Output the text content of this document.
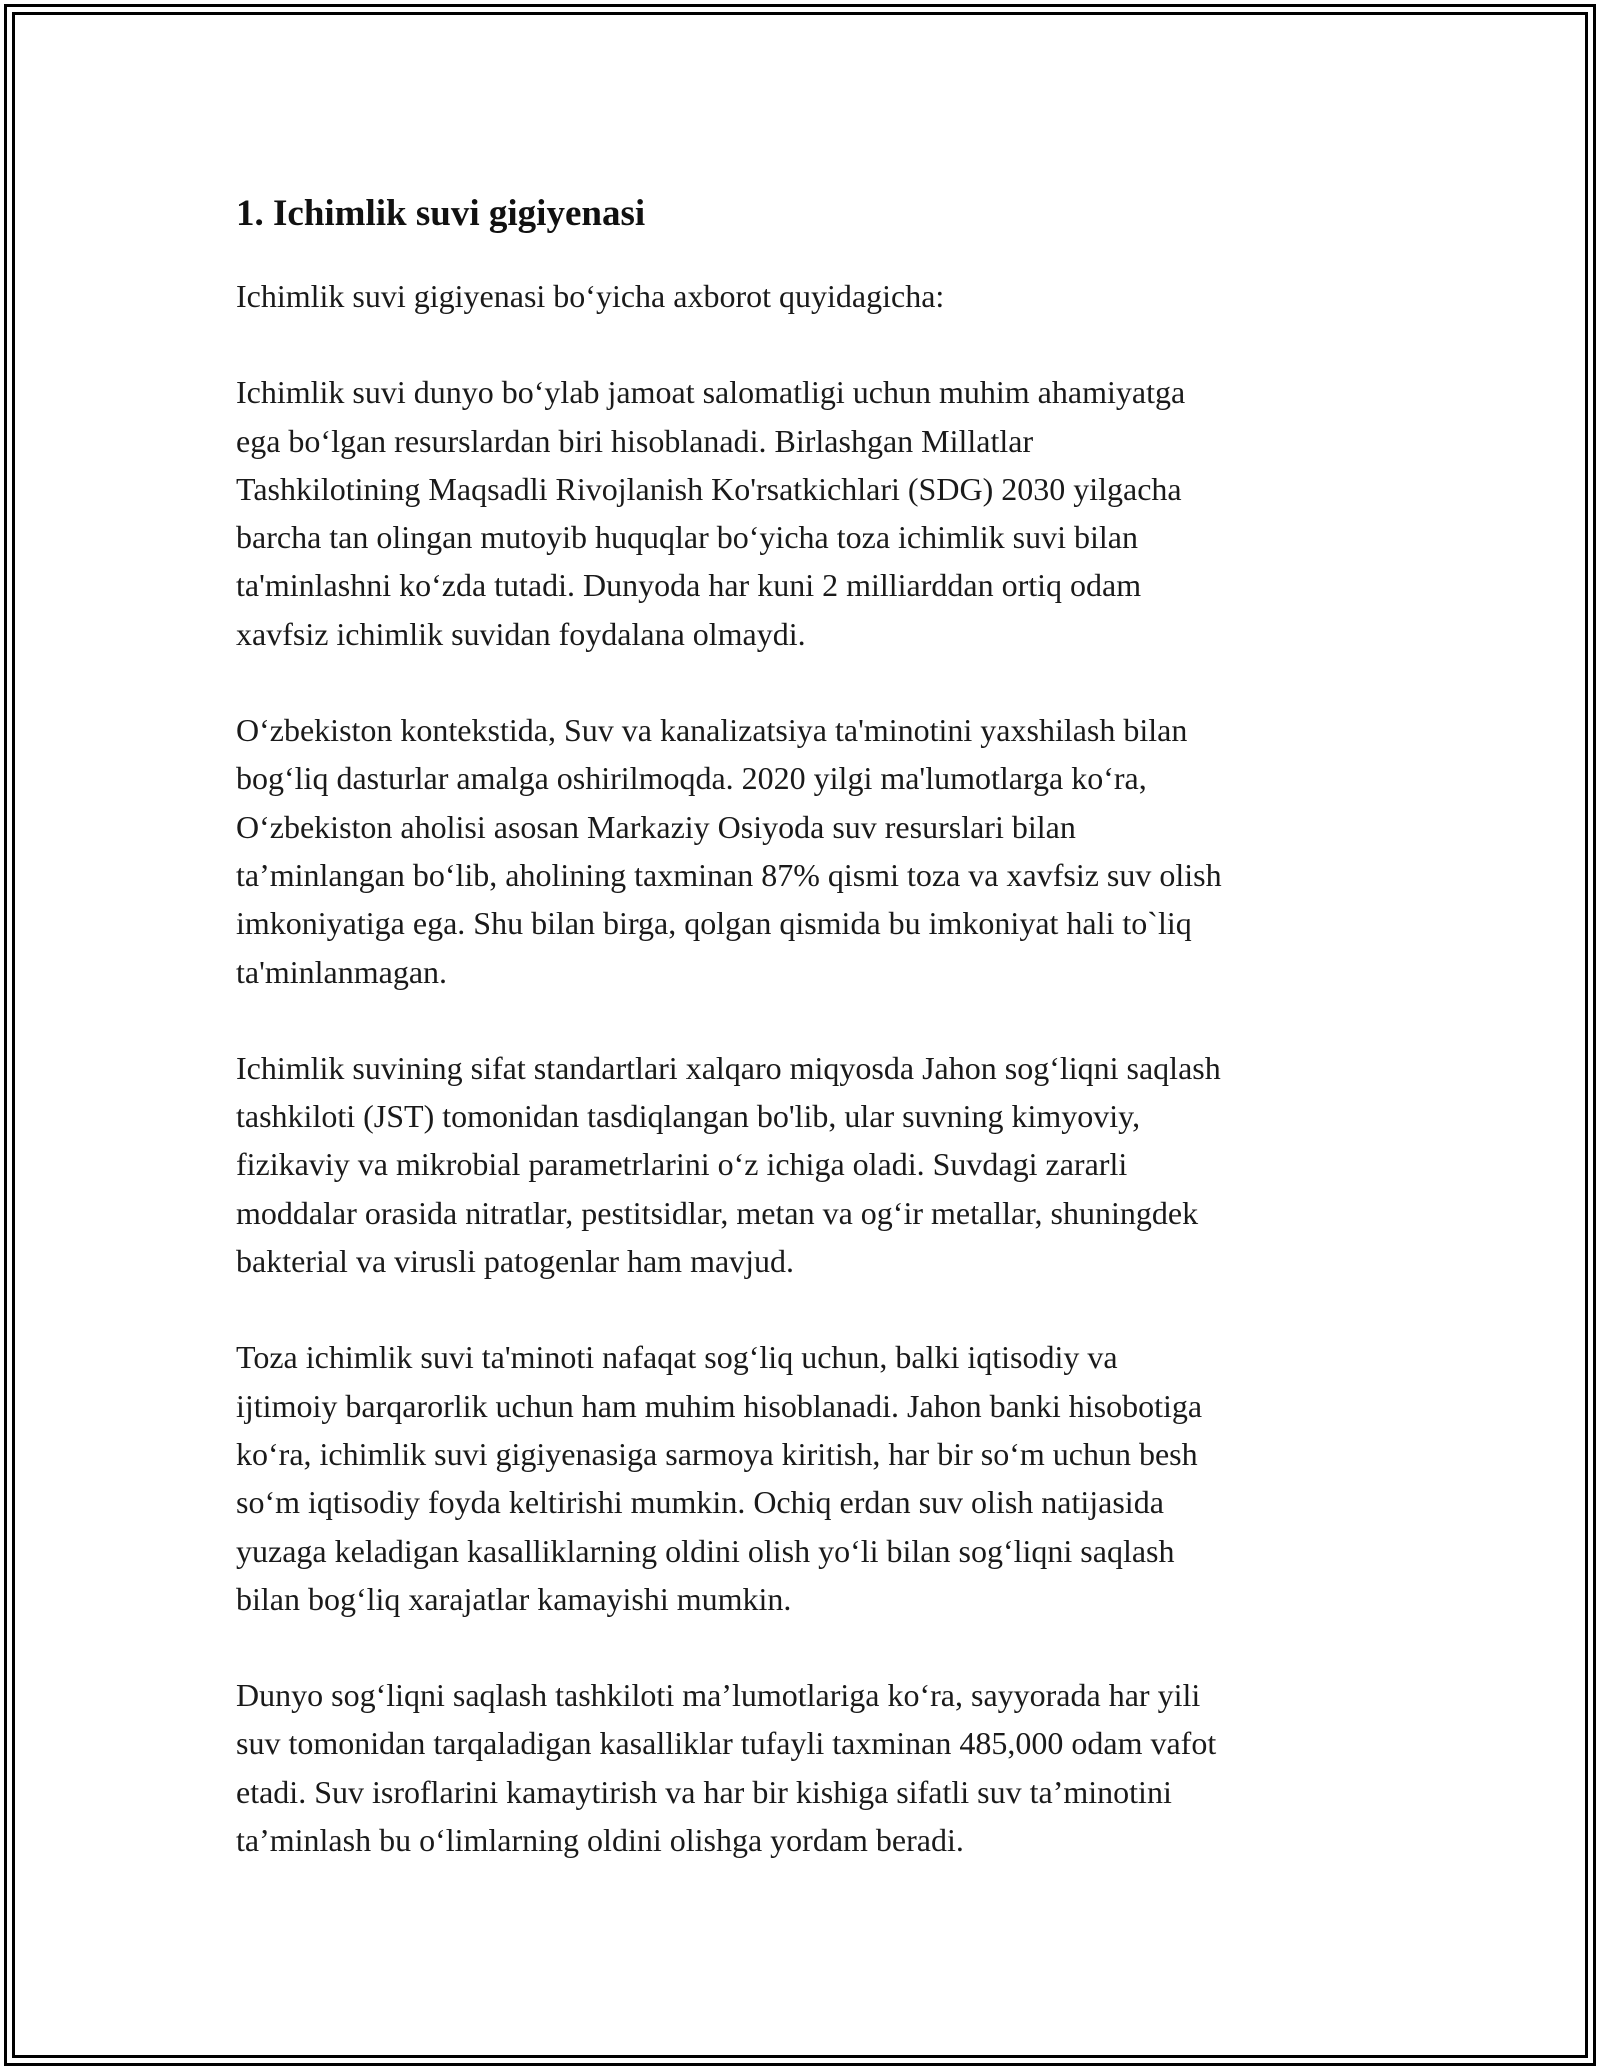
1. Ichimlik suvi gigiyenasi

Ichimlik suvi gigiyenasi bo‘yicha axborot quyidagicha:

Ichimlik suvi dunyo bo‘ylab jamoat salomatligi uchun muhim ahamiyatga
ega bo‘lgan resurslardan biri hisoblanadi. Birlashgan Millatlar
Tashkilotining Maqsadli Rivojlanish Ko'rsatkichlari (SDG) 2030 yilgacha
barcha tan olingan mutoyib huquqlar bo‘yicha toza ichimlik suvi bilan
ta'minlashni ko‘zda tutadi. Dunyoda har kuni 2 milliarddan ortiq odam
xavfsiz ichimlik suvidan foydalana olmaydi.

O‘zbekiston kontekstida, Suv va kanalizatsiya ta'minotini yaxshilash bilan
bog‘liq dasturlar amalga oshirilmoqda. 2020 yilgi ma'lumotlarga ko‘ra,
O‘zbekiston aholisi asosan Markaziy Osiyoda suv resurslari bilan
ta’minlangan bo‘lib, aholining taxminan 87% qismi toza va xavfsiz suv olish
imkoniyatiga ega. Shu bilan birga, qolgan qismida bu imkoniyat hali to`liq
ta'minlanmagan.

Ichimlik suvining sifat standartlari xalqaro miqyosda Jahon sog‘liqni saqlash
tashkiloti (JST) tomonidan tasdiqlangan bo'lib, ular suvning kimyoviy,
fizikaviy va mikrobial parametrlarini o‘z ichiga oladi. Suvdagi zararli
moddalar orasida nitratlar, pestitsidlar, metan va og‘ir metallar, shuningdek
bakterial va virusli patogenlar ham mavjud.

Toza ichimlik suvi ta'minoti nafaqat sog‘liq uchun, balki iqtisodiy va
ijtimoiy barqarorlik uchun ham muhim hisoblanadi. Jahon banki hisobotiga
ko‘ra, ichimlik suvi gigiyenasiga sarmoya kiritish, har bir so‘m uchun besh
so‘m iqtisodiy foyda keltirishi mumkin. Ochiq erdan suv olish natijasida
yuzaga keladigan kasalliklarning oldini olish yo‘li bilan sog‘liqni saqlash
bilan bog‘liq xarajatlar kamayishi mumkin.

Dunyo sog‘liqni saqlash tashkiloti ma’lumotlariga ko‘ra, sayyorada har yili
suv tomonidan tarqaladigan kasalliklar tufayli taxminan 485,000 odam vafot
etadi. Suv isroflarini kamaytirish va har bir kishiga sifatli suv ta’minotini
ta’minlash bu o‘limlarning oldini olishga yordam beradi.
